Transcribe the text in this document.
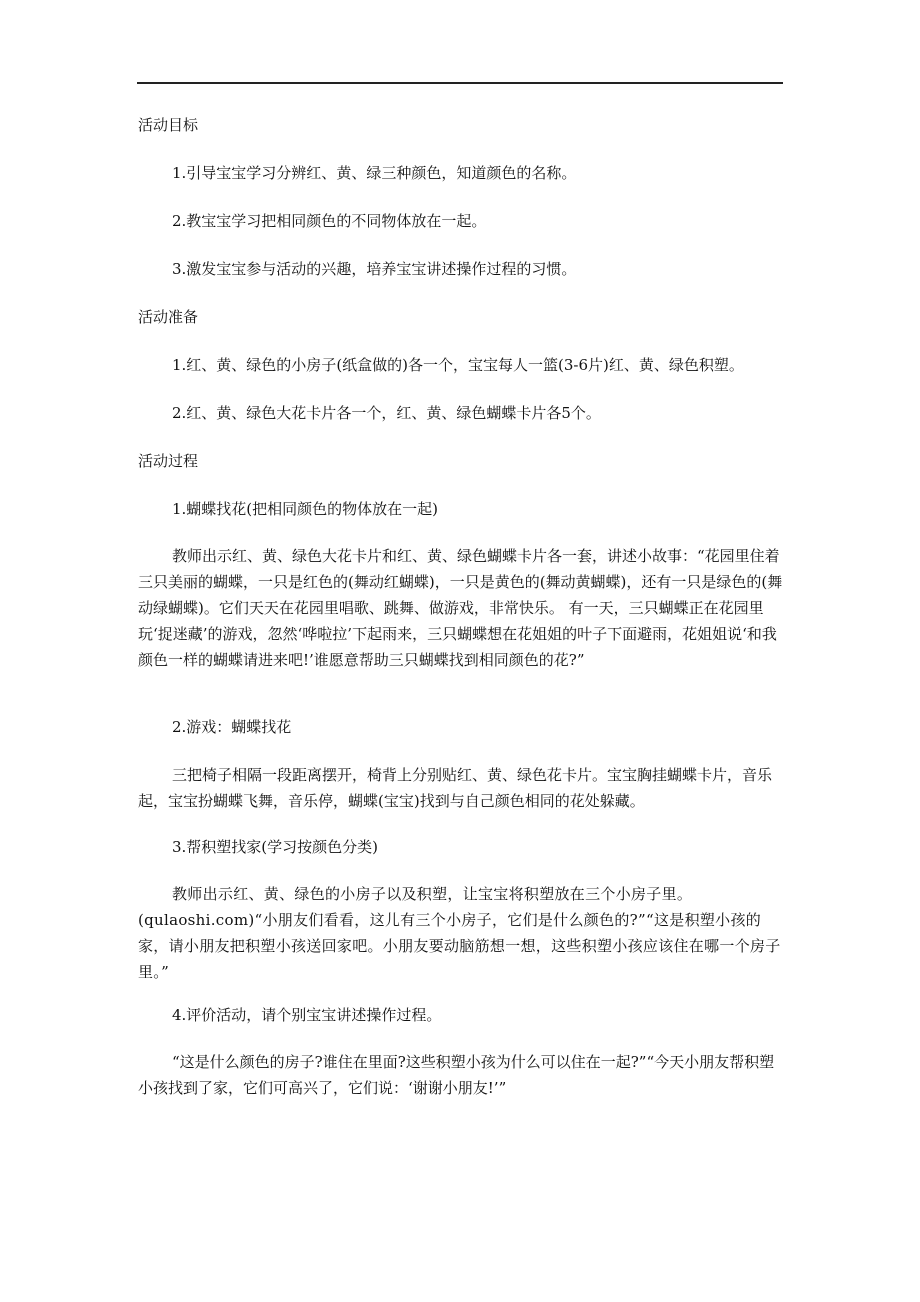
活动目标
1.引导宝宝学习分辨红、黄、绿三种颜色，知道颜色的名称。
2.教宝宝学习把相同颜色的不同物体放在一起。
3.激发宝宝参与活动的兴趣，培养宝宝讲述操作过程的习惯。
活动准备
1.红、黄、绿色的小房子(纸盒做的)各一个，宝宝每人一篮(3-6片)红、黄、绿色积塑。
2.红、黄、绿色大花卡片各一个，红、黄、绿色蝴蝶卡片各5个。
活动过程
1.蝴蝶找花(把相同颜色的物体放在一起)
教师出示红、黄、绿色大花卡片和红、黄、绿色蝴蝶卡片各一套，讲述小故事：“花园里住着三只美丽的蝴蝶，一只是红色的(舞动红蝴蝶)，一只是黄色的(舞动黄蝴蝶)，还有一只是绿色的(舞动绿蝴蝶)。它们天天在花园里唱歌、跳舞、做游戏，非常快乐。 有一天，三只蝴蝶正在花园里玩‘捉迷藏’的游戏，忽然‘哗啦拉’下起雨来，三只蝴蝶想在花姐姐的叶子下面避雨，花姐姐说‘和我颜色一样的蝴蝶请进来吧!’谁愿意帮助三只蝴蝶找到相同颜色的花?”
2.游戏：蝴蝶找花
三把椅子相隔一段距离摆开，椅背上分别贴红、黄、绿色花卡片。宝宝胸挂蝴蝶卡片，音乐起，宝宝扮蝴蝶飞舞，音乐停，蝴蝶(宝宝)找到与自己颜色相同的花处躲藏。
3.帮积塑找家(学习按颜色分类)
教师出示红、黄、绿色的小房子以及积塑，让宝宝将积塑放在三个小房子里。(qulaoshi.com)“小朋友们看看，这儿有三个小房子，它们是什么颜色的?”“这是积塑小孩的家，请小朋友把积塑小孩送回家吧。小朋友要动脑筋想一想，这些积塑小孩应该住在哪一个房子里。”
4.评价活动，请个别宝宝讲述操作过程。
“这是什么颜色的房子?谁住在里面?这些积塑小孩为什么可以住在一起?”“今天小朋友帮积塑小孩找到了家，它们可高兴了，它们说：‘谢谢小朋友!’”
